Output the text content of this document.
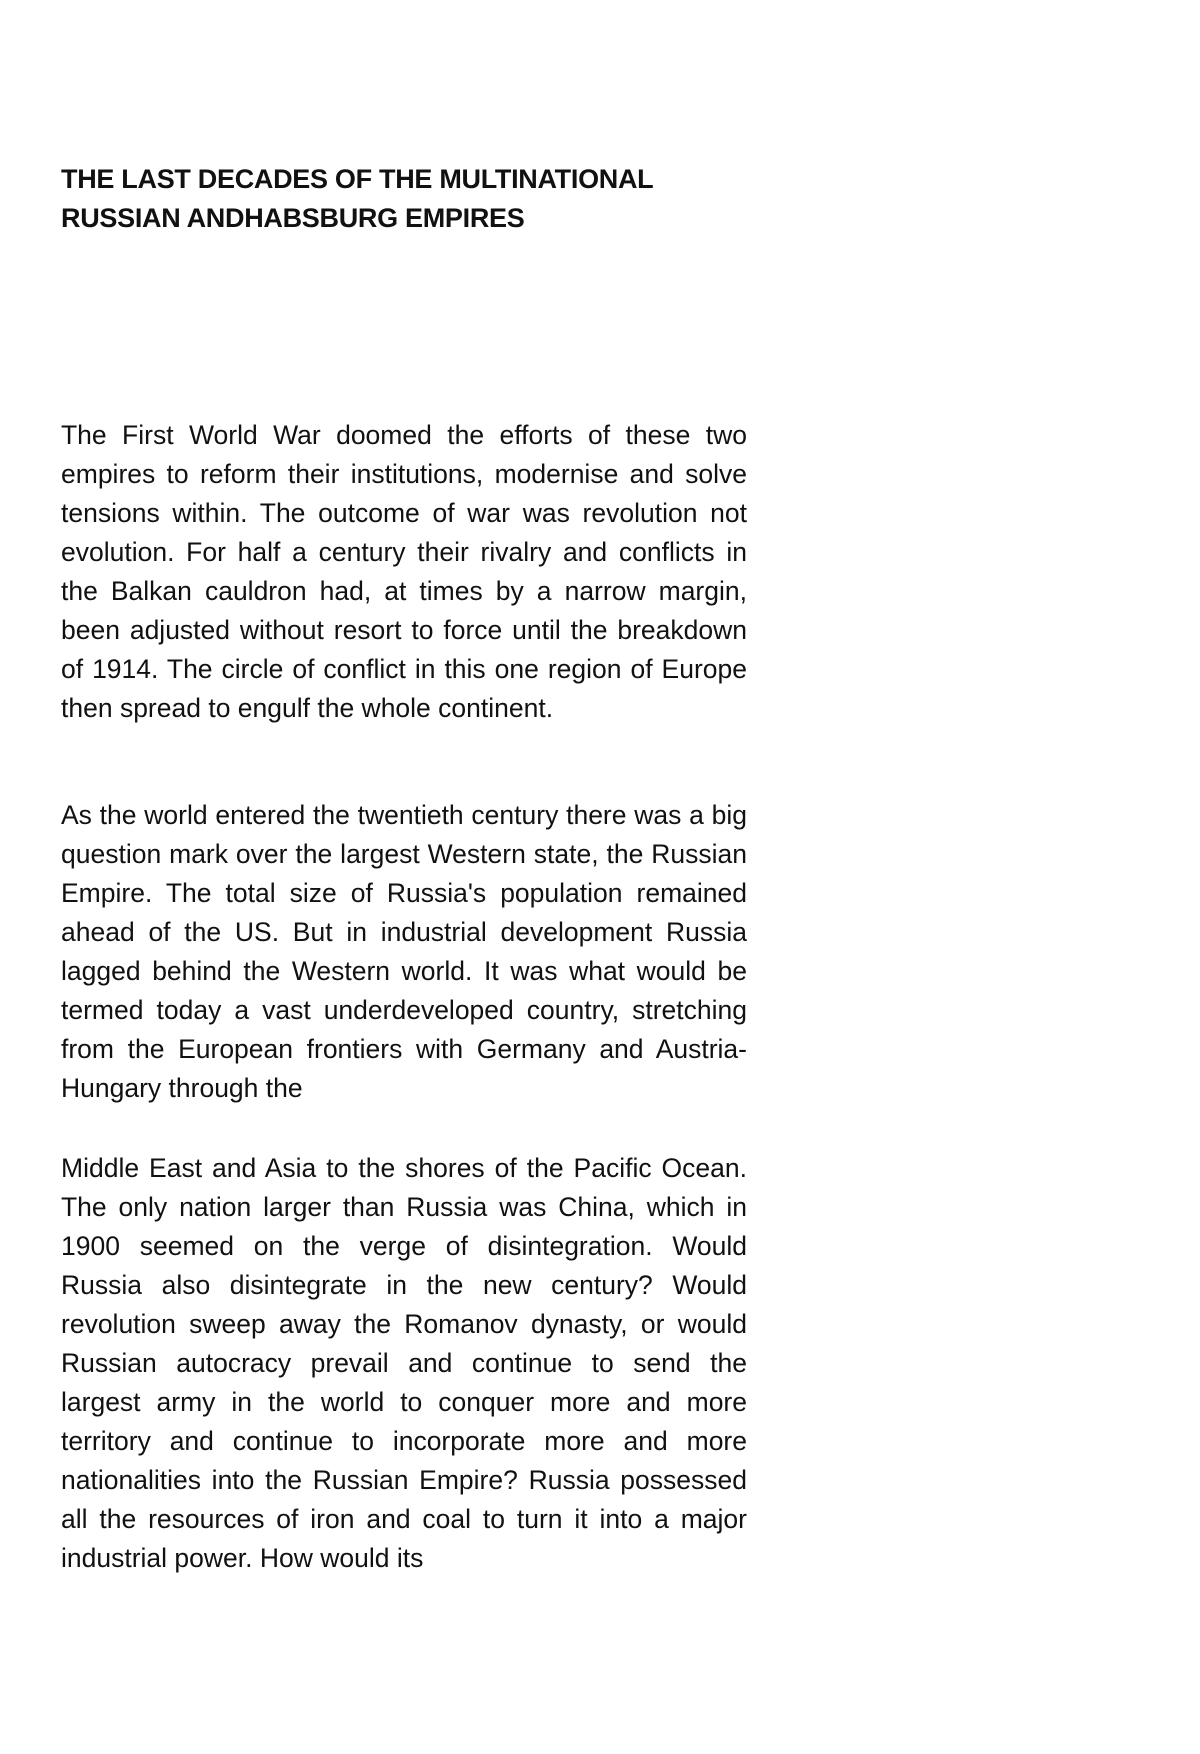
THE LAST DECADES OF THE MULTINATIONAL
RUSSIAN ANDHABSBURG EMPIRES

The First World War doomed the efforts of these two empires to reform their institutions, modernise and solve tensions within. The outcome of war was revolution not evolution. For half a century their rivalry and conflicts in the Balkan cauldron had, at times by a narrow margin, been adjusted without resort to force until the breakdown of 1914. The circle of conflict in this one region of Europe then spread to engulf the whole continent.

As the world entered the twentieth century there was a big question mark over the largest Western state, the Russian Empire. The total size of Russia's population remained ahead of the US. But in industrial development Russia lagged behind the Western world. It was what would be termed today a vast underdeveloped country, stretching from the European frontiers with Germany and Austria-Hungary through the

Middle East and Asia to the shores of the Pacific Ocean. The only nation larger than Russia was China, which in 1900 seemed on the verge of disintegration. Would Russia also disintegrate in the new century? Would revolution sweep away the Romanov dynasty, or would Russian autocracy prevail and continue to send the largest army in the world to conquer more and more territory and continue to incorporate more and more nationalities into the Russian Empire? Russia possessed all the resources of iron and coal to turn it into a major industrial power. How would its
